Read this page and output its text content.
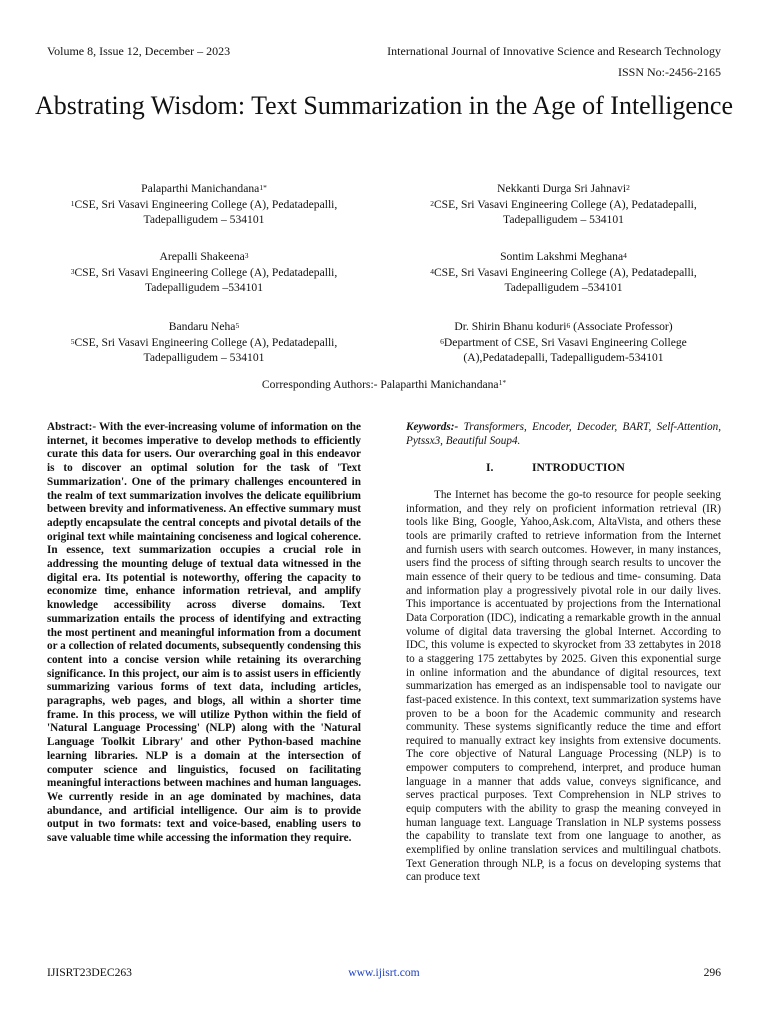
Volume 8, Issue 12, December – 2023	International Journal of Innovative Science and Research Technology
ISSN No:-2456-2165
Abstrating Wisdom: Text Summarization in the Age of Intelligence
Palaparthi Manichandana$^{1*}$
$^1$CSE, Sri Vasavi Engineering College (A), Pedatadepalli,
Tadepalligudem – 534101
Arepalli Shakeena$^3$
$^3$CSE, Sri Vasavi Engineering College (A), Pedatadepalli,
Tadepalligudem –534101
Bandaru Neha$^5$
$^5$CSE, Sri Vasavi Engineering College (A), Pedatadepalli,
Tadepalligudem – 534101
Nekkanti Durga Sri Jahnavi$^2$
$^2$CSE, Sri Vasavi Engineering College (A), Pedatadepalli,
Tadepalligudem – 534101
Sontim Lakshmi Meghana$^4$
$^4$CSE, Sri Vasavi Engineering College (A), Pedatadepalli,
Tadepalligudem –534101
Dr. Shirin Bhanu koduri$^6$ (Associate Professor)
$^6$Department of CSE, Sri Vasavi Engineering College
(A),Pedatadepalli, Tadepalligudem-534101
Corresponding Authors:- Palaparthi Manichandana$^{1*}$
Abstract:- With the ever-increasing volume of information on the internet, it becomes imperative to develop methods to efficiently curate this data for users. Our overarching goal in this endeavor is to discover an optimal solution for the task of 'Text Summarization'. One of the primary challenges encountered in the realm of text summarization involves the delicate equilibrium between brevity and informativeness. An effective summary must adeptly encapsulate the central concepts and pivotal details of the original text while maintaining conciseness and logical coherence. In essence, text summarization occupies a crucial role in addressing the mounting deluge of textual data witnessed in the digital era. Its potential is noteworthy, offering the capacity to economize time, enhance information retrieval, and amplify knowledge accessibility across diverse domains. Text summarization entails the process of identifying and extracting the most pertinent and meaningful information from a document or a collection of related documents, subsequently condensing this content into a concise version while retaining its overarching significance. In this project, our aim is to assist users in efficiently summarizing various forms of text data, including articles, paragraphs, web pages, and blogs, all within a shorter time frame. In this process, we will utilize Python within the field of 'Natural Language Processing' (NLP) along with the 'Natural Language Toolkit Library' and other Python-based machine learning libraries. NLP is a domain at the intersection of computer science and linguistics, focused on facilitating meaningful interactions between machines and human languages. We currently reside in an age dominated by machines, data abundance, and artificial intelligence. Our aim is to provide output in two formats: text and voice-based, enabling users to save valuable time while accessing the information they require.
Keywords:- Transformers, Encoder, Decoder, BART, Self-Attention, Pytssx3, Beautiful Soup4.
I.	INTRODUCTION
The Internet has become the go-to resource for people seeking information, and they rely on proficient information retrieval (IR) tools like Bing, Google, Yahoo,Ask.com, AltaVista, and others these tools are primarily crafted to retrieve information from the Internet and furnish users with search outcomes. However, in many instances, users find the process of sifting through search results to uncover the main essence of their query to be tedious and time- consuming. Data and information play a progressively pivotal role in our daily lives. This importance is accentuated by projections from the International Data Corporation (IDC), indicating a remarkable growth in the annual volume of digital data traversing the global Internet. According to IDC, this volume is expected to skyrocket from 33 zettabytes in 2018 to a staggering 175 zettabytes by 2025. Given this exponential surge in online information and the abundance of digital resources, text summarization has emerged as an indispensable tool to navigate our fast-paced existence. In this context, text summarization systems have proven to be a boon for the Academic community and research community. These systems significantly reduce the time and effort required to manually extract key insights from extensive documents. The core objective of Natural Language Processing (NLP) is to empower computers to comprehend, interpret, and produce human language in a manner that adds value, conveys significance, and serves practical purposes. Text Comprehension in NLP strives to equip computers with the ability to grasp the meaning conveyed in human language text. Language Translation in NLP systems possess the capability to translate text from one language to another, as exemplified by online translation services and multilingual chatbots. Text Generation through NLP, is a focus on developing systems that can produce text
IJISRT23DEC263	www.ijisrt.com	296
